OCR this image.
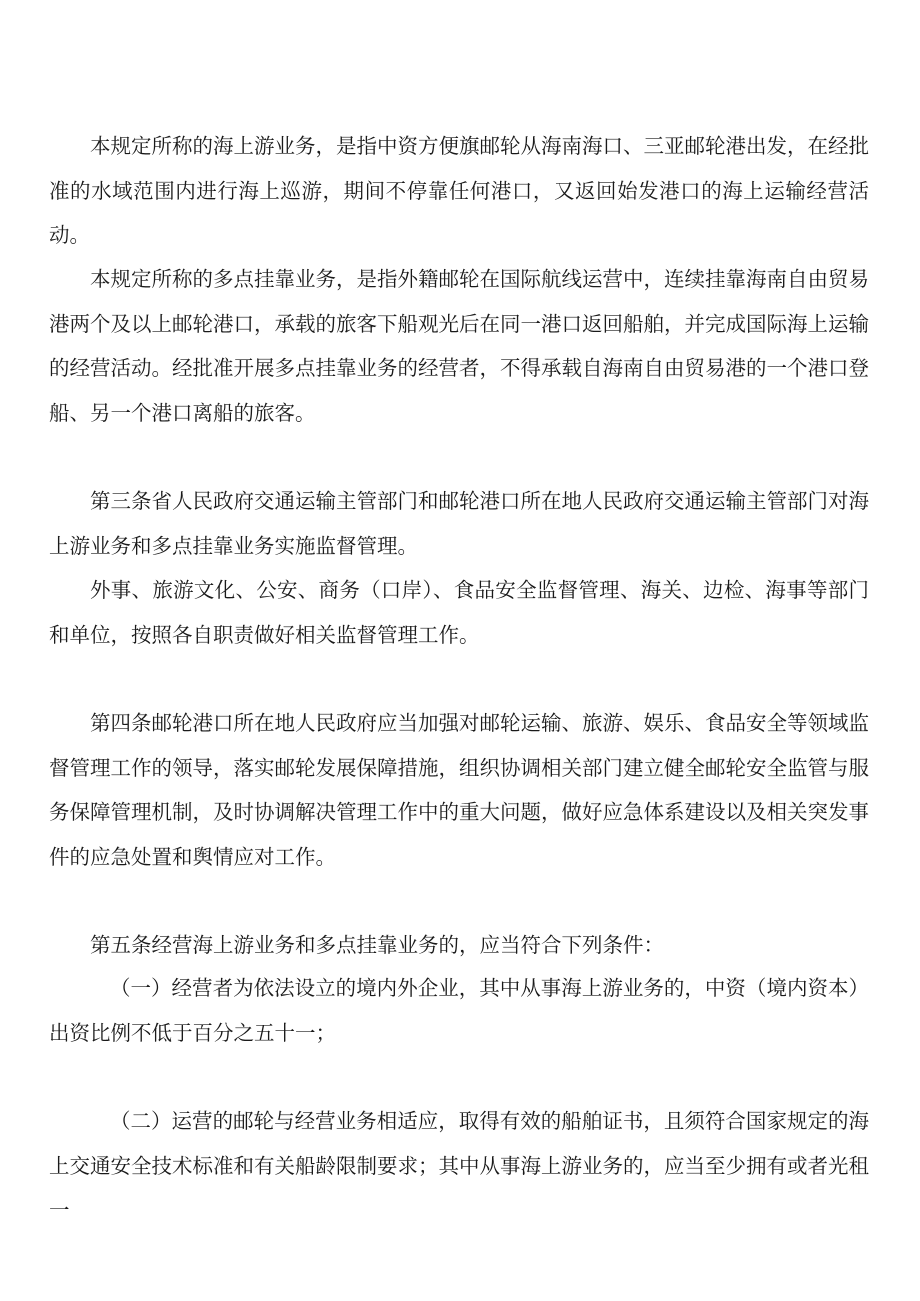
本规定所称的海上游业务，是指中资方便旗邮轮从海南海口、三亚邮轮港出发，在经批准的水域范围内进行海上巡游，期间不停靠任何港口，又返回始发港口的海上运输经营活动。

本规定所称的多点挂靠业务，是指外籍邮轮在国际航线运营中，连续挂靠海南自由贸易港两个及以上邮轮港口，承载的旅客下船观光后在同一港口返回船舶，并完成国际海上运输的经营活动。经批准开展多点挂靠业务的经营者，不得承载自海南自由贸易港的一个港口登船、另一个港口离船的旅客。

第三条省人民政府交通运输主管部门和邮轮港口所在地人民政府交通运输主管部门对海上游业务和多点挂靠业务实施监督管理。

外事、旅游文化、公安、商务（口岸）、食品安全监督管理、海关、边检、海事等部门和单位，按照各自职责做好相关监督管理工作。

第四条邮轮港口所在地人民政府应当加强对邮轮运输、旅游、娱乐、食品安全等领域监督管理工作的领导，落实邮轮发展保障措施，组织协调相关部门建立健全邮轮安全监管与服务保障管理机制，及时协调解决管理工作中的重大问题，做好应急体系建设以及相关突发事件的应急处置和舆情应对工作。

第五条经营海上游业务和多点挂靠业务的，应当符合下列条件：

（一）经营者为依法设立的境内外企业，其中从事海上游业务的，中资（境内资本）出资比例不低于百分之五十一；

（二）运营的邮轮与经营业务相适应，取得有效的船舶证书，且须符合国家规定的海上交通安全技术标准和有关船龄限制要求；其中从事海上游业务的，应当至少拥有或者光租一
